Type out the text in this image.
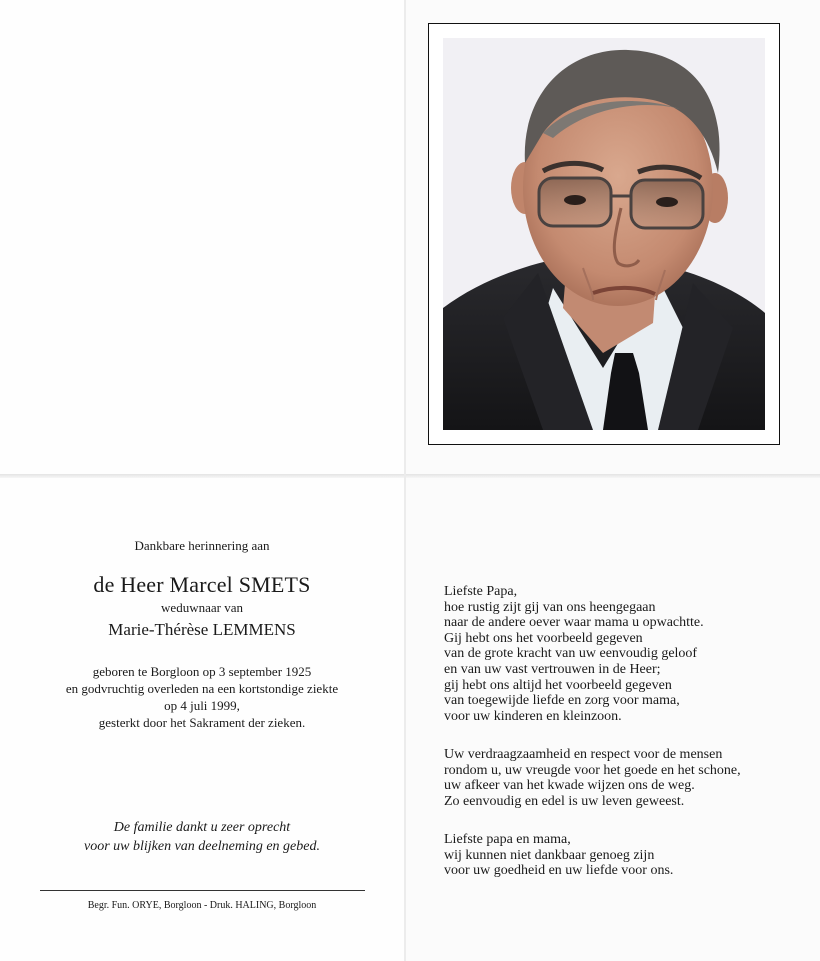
Dankbare herinnering aan
de Heer Marcel SMETS
weduwnaar van
Marie-Thérèse LEMMENS
geboren te Borgloon op 3 september 1925
en godvruchtig overleden na een kortstondige ziekte
op 4 juli 1999,
gesterkt door het Sakrament der zieken.
De familie dankt u zeer oprecht
voor uw blijken van deelneming en gebed.
Begr. Fun. ORYE, Borgloon - Druk. HALING, Borgloon
Liefste Papa,
hoe rustig zijt gij van ons heengegaan
naar de andere oever waar mama u opwachtte.
Gij hebt ons het voorbeeld gegeven
van de grote kracht van uw eenvoudig geloof
en van uw vast vertrouwen in de Heer;
gij hebt ons altijd het voorbeeld gegeven
van toegewijde liefde en zorg voor mama,
voor uw kinderen en kleinzoon.
Uw verdraagzaamheid en respect voor de mensen
rondom u, uw vreugde voor het goede en het schone,
uw afkeer van het kwade wijzen ons de weg.
Zo eenvoudig en edel is uw leven geweest.
Liefste papa en mama,
wij kunnen niet dankbaar genoeg zijn
voor uw goedheid en uw liefde voor ons.
